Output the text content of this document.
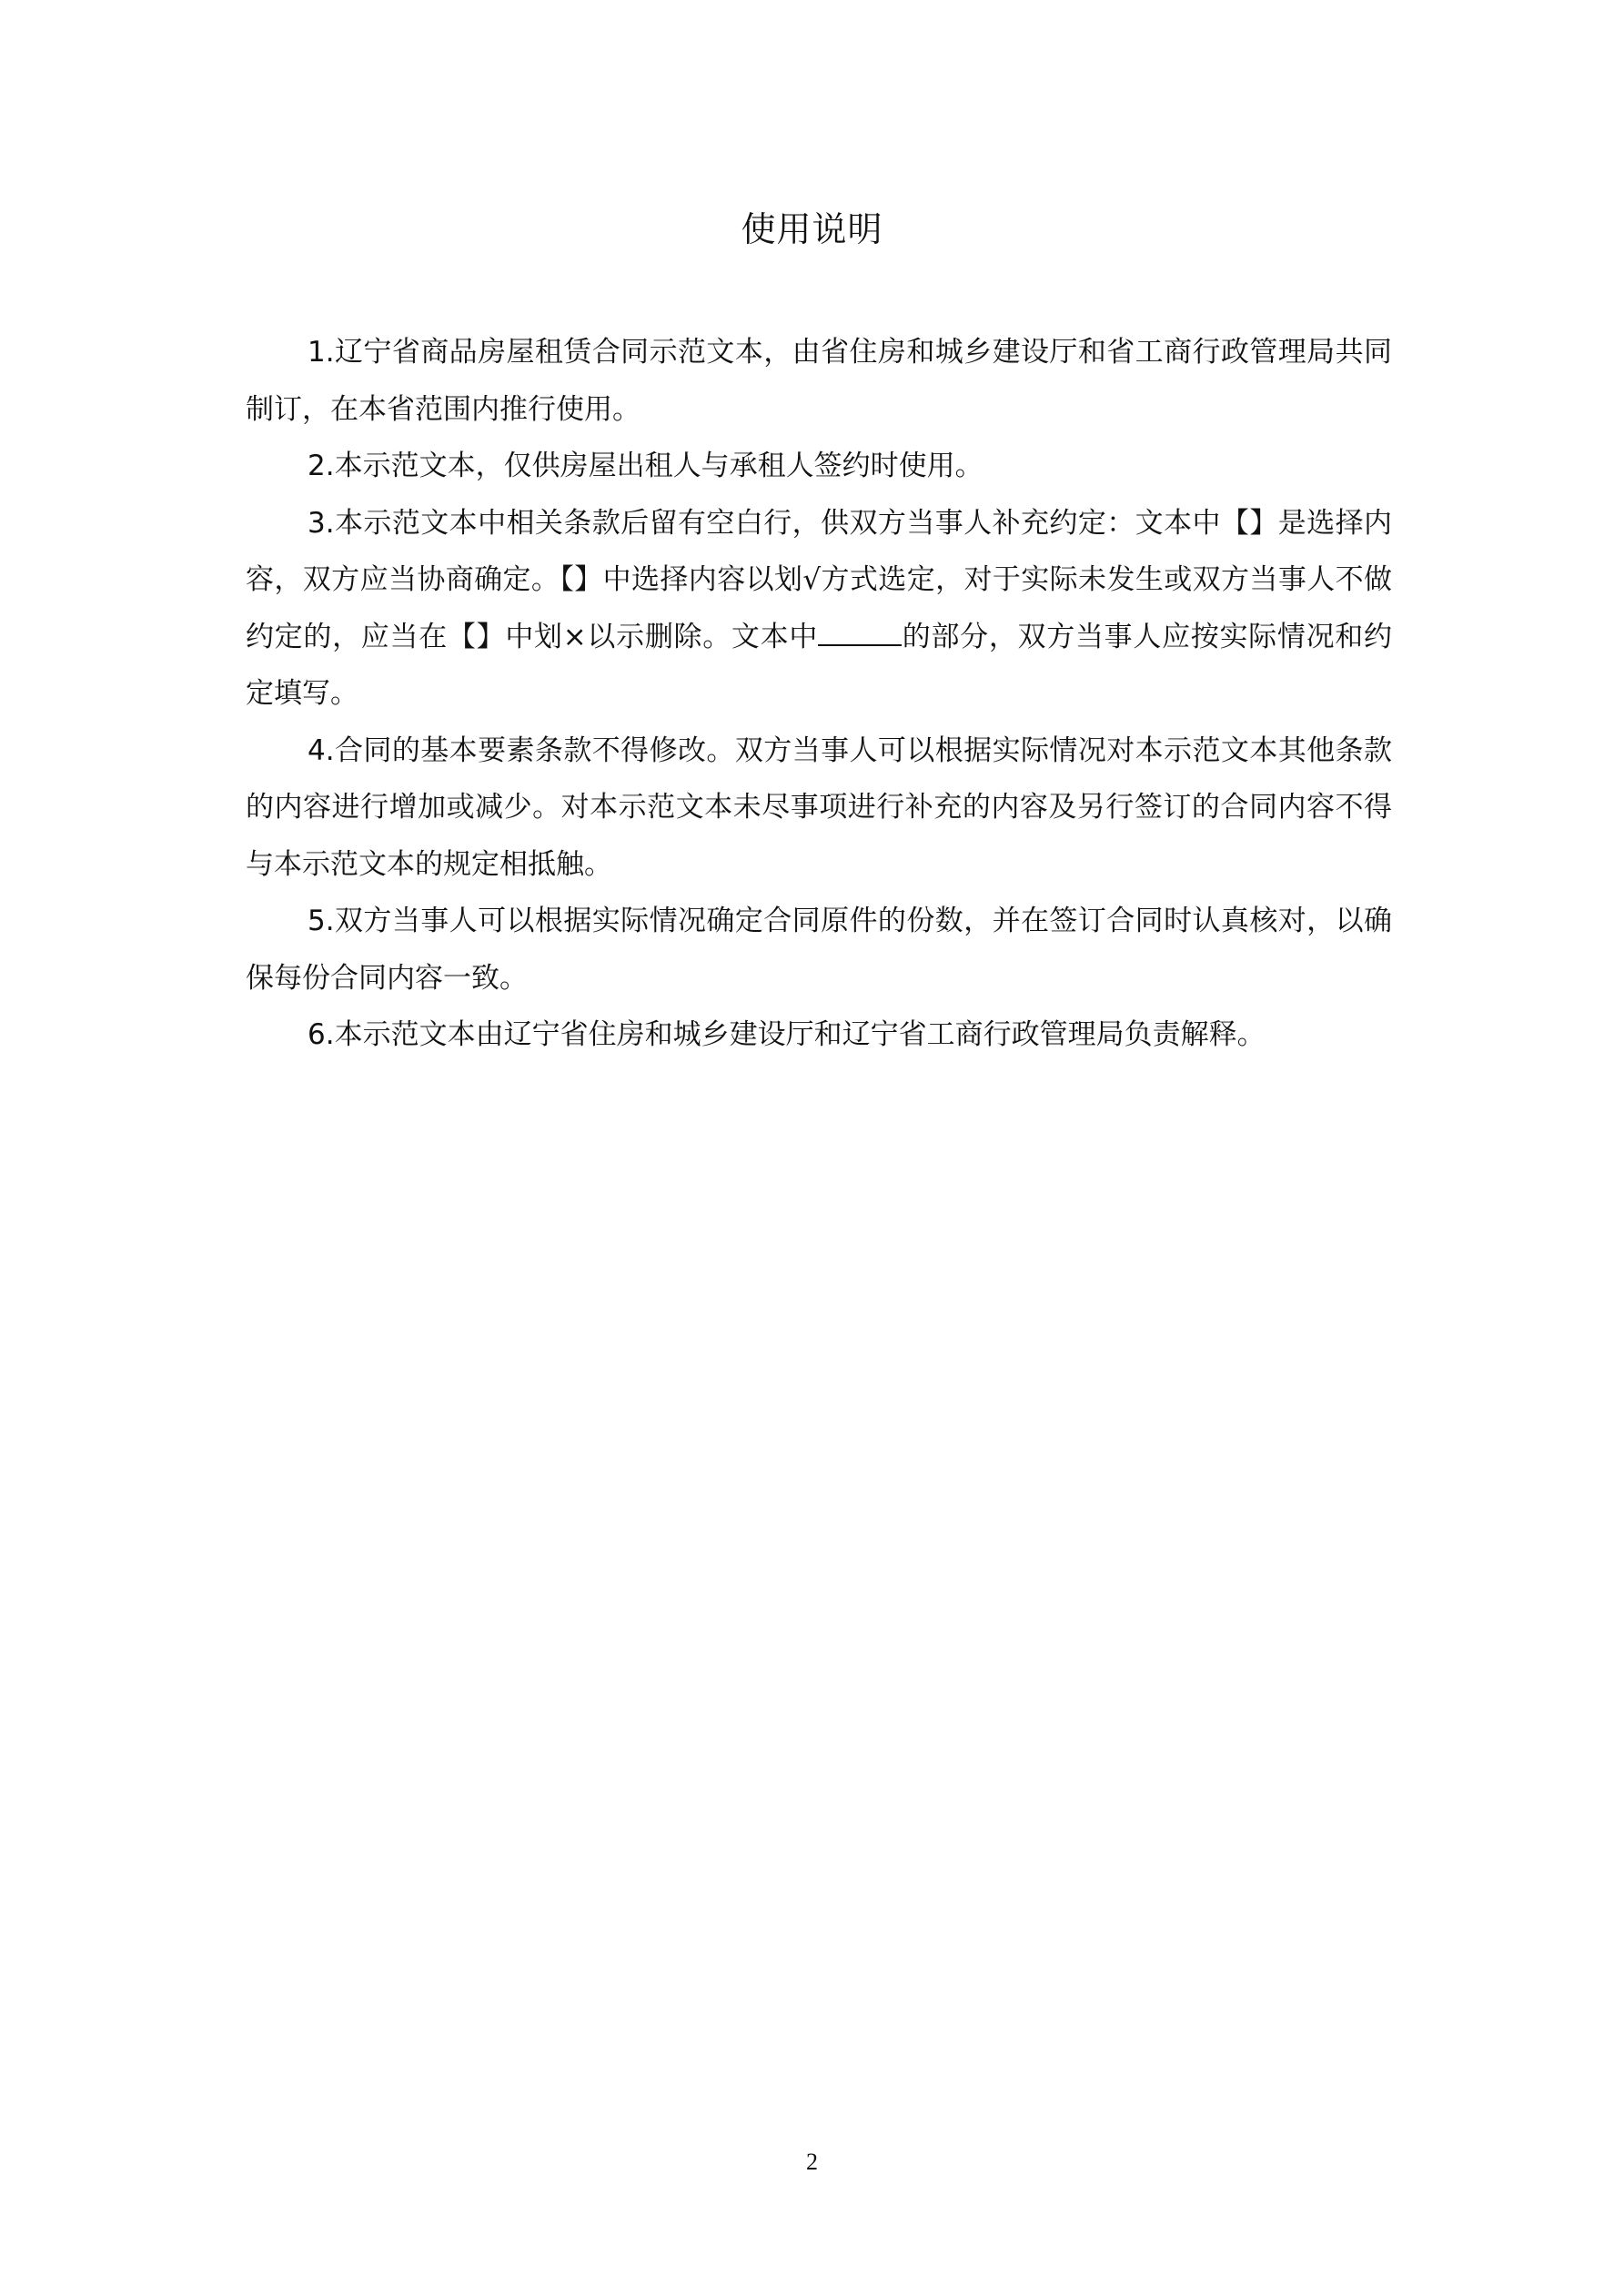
使用说明

1.辽宁省商品房屋租赁合同示范文本，由省住房和城乡建设厅和省工商行政管理局共同制订，在本省范围内推行使用。

2.本示范文本，仅供房屋出租人与承租人签约时使用。

3.本示范文本中相关条款后留有空白行，供双方当事人补充约定：文本中【】是选择内容，双方应当协商确定。【】中选择内容以划√方式选定，对于实际未发生或双方当事人不做约定的，应当在【】中划×以示删除。文本中	的部分，双方当事人应按实际情况和约定填写。

4.合同的基本要素条款不得修改。双方当事人可以根据实际情况对本示范文本其他条款的内容进行增加或减少。对本示范文本未尽事项进行补充的内容及另行签订的合同内容不得与本示范文本的规定相抵触。

5.双方当事人可以根据实际情况确定合同原件的份数，并在签订合同时认真核对，以确保每份合同内容一致。

6.本示范文本由辽宁省住房和城乡建设厅和辽宁省工商行政管理局负责解释。

2
